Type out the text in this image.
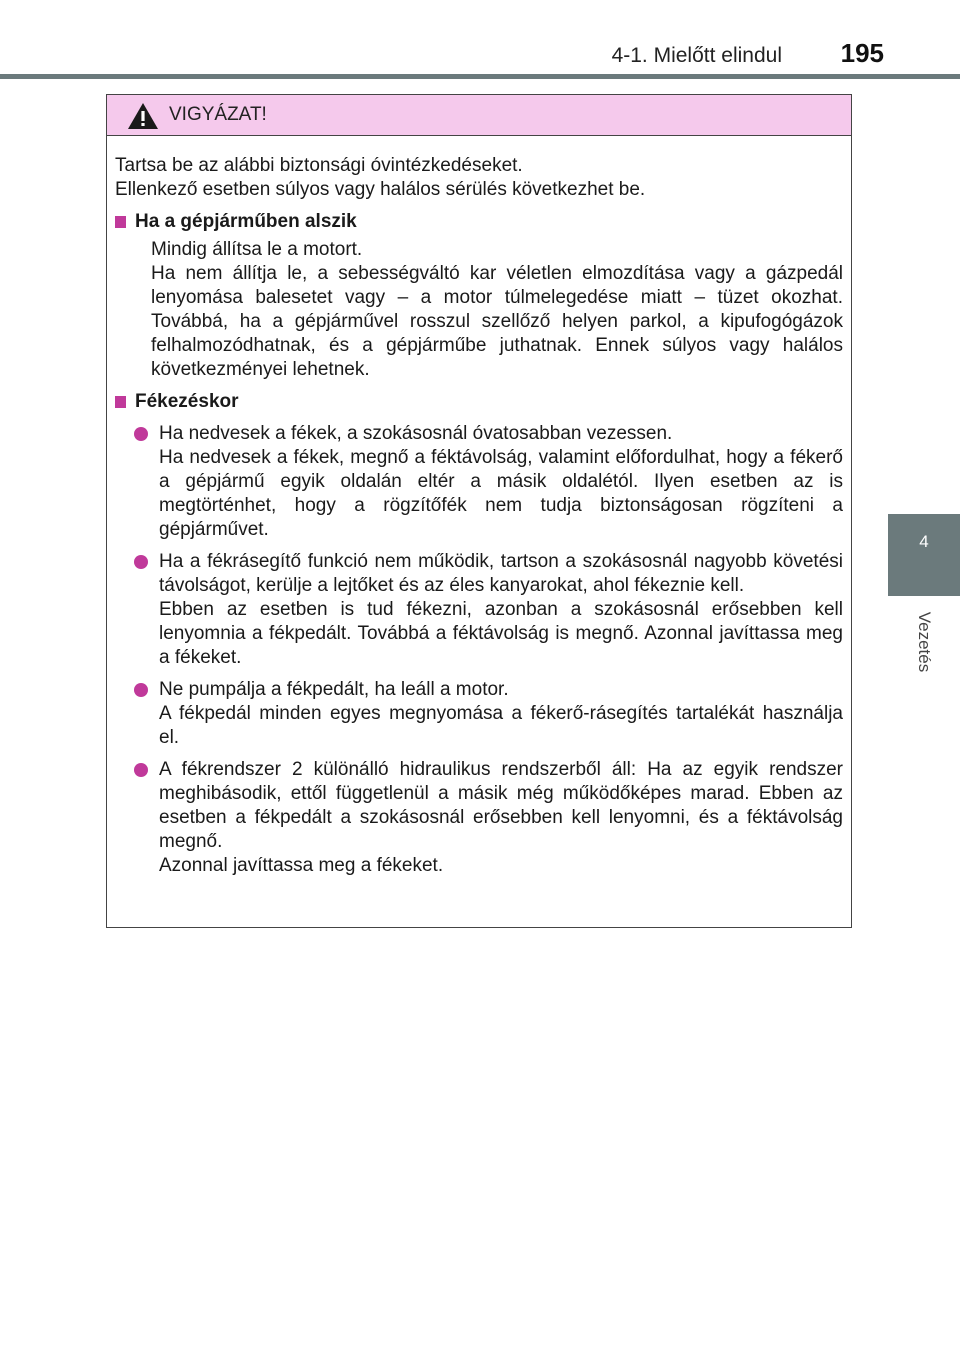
4-1. Mielőtt elindul 195
4
Vezetés
VIGYÁZAT!

Tartsa be az alábbi biztonsági óvintézkedéseket.

Ellenkező esetben súlyos vagy halálos sérülés következhet be.

Ha a gépjárműben alszik

Mindig állítsa le a motort.

Ha nem állítja le, a sebességváltó kar véletlen elmozdítása vagy a gázpedál lenyomása balesetet vagy – a motor túlmelegedése miatt – tüzet okozhat. Továbbá, ha a gépjárművel rosszul szellőző helyen parkol, a kipufogógázok felhalmozódhatnak, és a gépjárműbe juthatnak. Ennek súlyos vagy halálos következményei lehetnek.

Fékezéskor

Ha nedvesek a fékek, a szokásosnál óvatosabban vezessen.

Ha nedvesek a fékek, megnő a féktávolság, valamint előfordulhat, hogy a fékerő a gépjármű egyik oldalán eltér a másik oldalétól. Ilyen esetben az is megtörténhet, hogy a rögzítőfék nem tudja biztonságosan rögzíteni a gépjárművet.

Ha a fékrásegítő funkció nem működik, tartson a szokásosnál nagyobb követési távolságot, kerülje a lejtőket és az éles kanyarokat, ahol fékeznie kell.

Ebben az esetben is tud fékezni, azonban a szokásosnál erősebben kell lenyomnia a fékpedált. Továbbá a féktávolság is megnő. Azonnal javíttassa meg a fékeket.

Ne pumpálja a fékpedált, ha leáll a motor.

A fékpedál minden egyes megnyomása a fékerő-rásegítés tartalékát használja el.

A fékrendszer 2 különálló hidraulikus rendszerből áll: Ha az egyik rendszer meghibásodik, ettől függetlenül a másik még működőképes marad. Ebben az esetben a fékpedált a szokásosnál erősebben kell lenyomni, és a féktávolság megnő.

Azonnal javíttassa meg a fékeket.
